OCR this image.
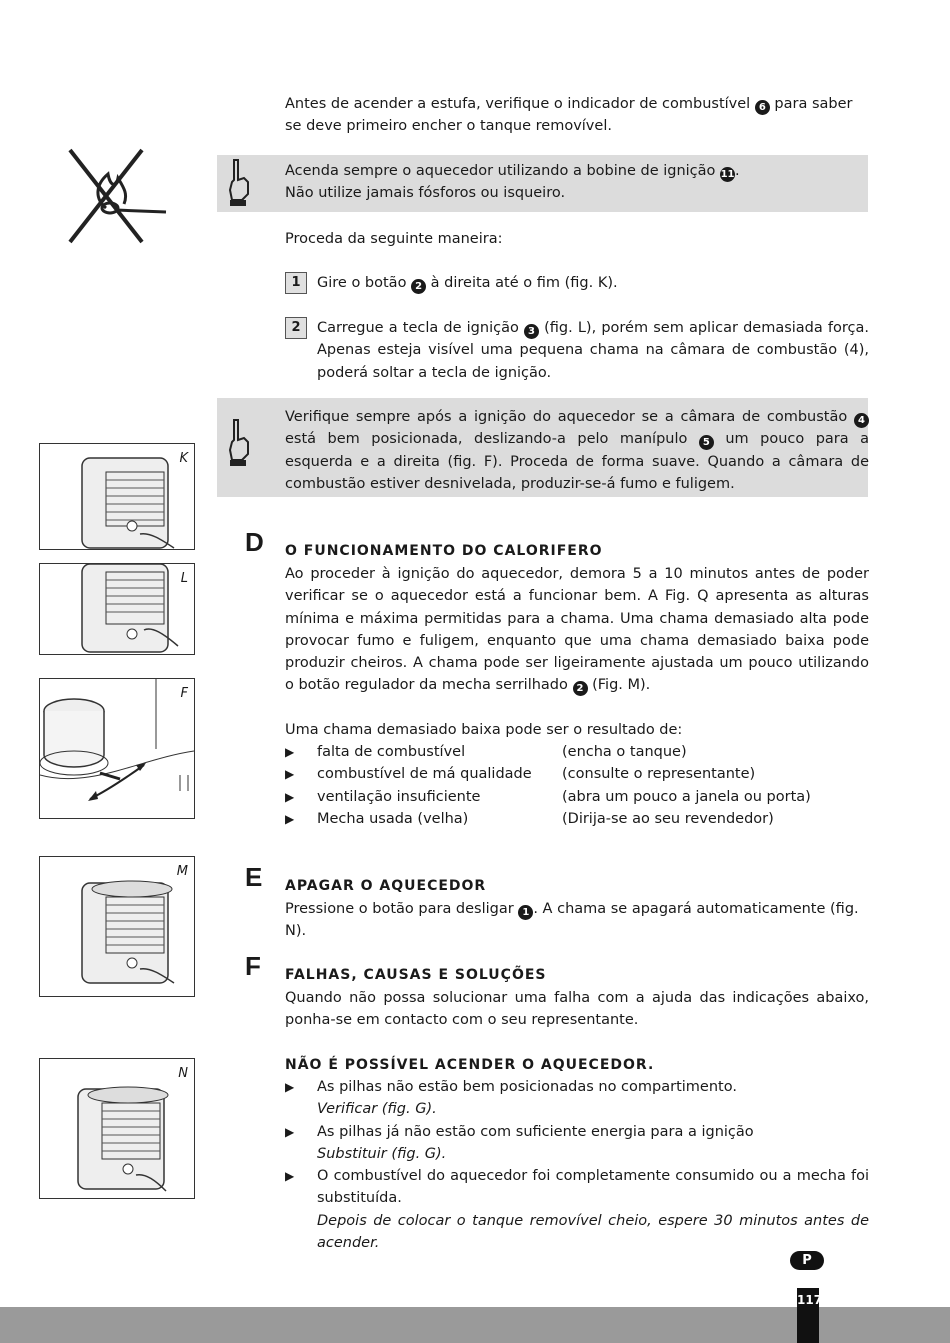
Antes de acender a estufa, verifique o indicador de combustível 6 para saber se deve primeiro encher o tanque removível.
Acenda sempre o aquecedor utilizando a bobine de ignição 11.
Não utilize jamais fósforos ou isqueiro.
Proceda da seguinte maneira:
1	Gire o botão 2 à direita até o fim (fig. K).
2	Carregue a tecla de ignição 3 (fig. L), porém sem aplicar demasiada força. Apenas esteja visível uma pequena chama na câmara de combustão (4), poderá soltar a tecla de ignição.
Verifique sempre após a ignição do aquecedor se a câmara de combustão 4 está bem posicionada, deslizando-a pelo manípulo 5 um pouco para a esquerda e a direita (fig. F). Proceda de forma suave. Quando a câmara de combustão estiver desnivelada, produzir-se-á fumo e fuligem.
K
L
F
M
N
D O FUNCIONAMENTO DO CALORIFERO
Ao proceder à ignição do aquecedor, demora 5 a 10 minutos antes de poder verificar se o aquecedor está a funcionar bem. A Fig. Q apresenta as alturas mínima e máxima permitidas para a chama. Uma chama demasiado alta pode provocar fumo e fuligem, enquanto que uma chama demasiado baixa pode produzir cheiros. A chama pode ser ligeiramente ajustada um pouco utilizando o botão regulador da mecha serrilhado 2 (Fig. M).
Uma chama demasiado baixa pode ser o resultado de:
▶ falta de combustível	(encha o tanque)
▶ combustível de má qualidade (consulte o representante)
▶ ventilação insuficiente	(abra um pouco a janela ou porta)
▶ Mecha usada (velha)	(Dirija-se ao seu revendedor)
E APAGAR O AQUECEDOR
Pressione o botão para desligar 1 . A chama se apagará automaticamente (fig. N).
F FALHAS, CAUSAS E SOLUÇÕES
Quando não possa solucionar uma falha com a ajuda das indicações abaixo, ponha-se em contacto com o seu representante.
NÃO É POSSÍVEL ACENDER O AQUECEDOR.
▶ As pilhas não estão bem posicionadas no compartimento.
Verificar (fig. G).
▶ As pilhas já não estão com suficiente energia para a ignição
Substituir (fig. G).
▶ O combustível do aquecedor foi completamente consumido ou a mecha foi substituída.
Depois de colocar o tanque removível cheio, espere 30 minutos antes de acender.
P
117
